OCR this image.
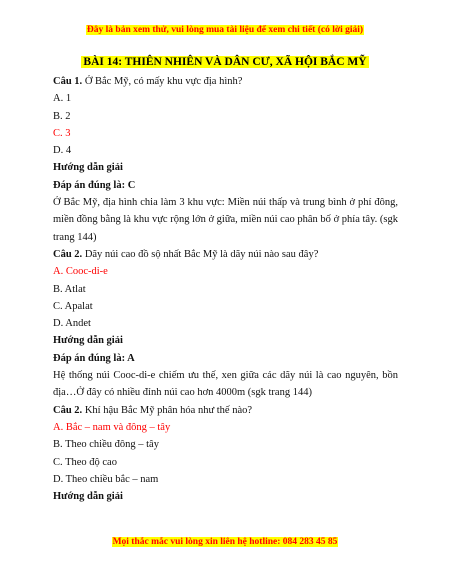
Đây là bản xem thử, vui lòng mua tài liệu để xem chi tiết (có lời giải)
BÀI 14: THIÊN NHIÊN VÀ DÂN CƯ, XÃ HỘI BẮC MỸ
Câu 1. Ở Bắc Mỹ, có mấy khu vực địa hình?
A. 1
B. 2
C. 3
D. 4
Hướng dẫn giải
Đáp án đúng là: C
Ở Bắc Mỹ, địa hình chia làm 3 khu vực: Miền núi thấp và trung bình ở phí đông, miền đồng bằng là khu vực rộng lớn ở giữa, miền núi cao phân bố ở phía tây. (sgk trang 144)
Câu 2. Dãy núi cao đồ sộ nhất Bắc Mỹ là dãy núi nào sau đây?
A. Cooc-di-e
B. Atlat
C. Apalat
D. Andet
Hướng dẫn giải
Đáp án đúng là: A
Hệ thống núi Cooc-di-e chiếm ưu thế, xen giữa các dãy núi là cao nguyên, bồn địa…Ở đây có nhiều đỉnh núi cao hơn 4000m (sgk trang 144)
Câu 2. Khí hậu Bắc Mỹ phân hóa như thế nào?
A. Bắc – nam và đông – tây
B. Theo chiều đông – tây
C. Theo độ cao
D. Theo chiều bắc – nam
Hướng dẫn giải
Mọi thắc mắc vui lòng xin liên hệ hotline: 084 283 45 85
